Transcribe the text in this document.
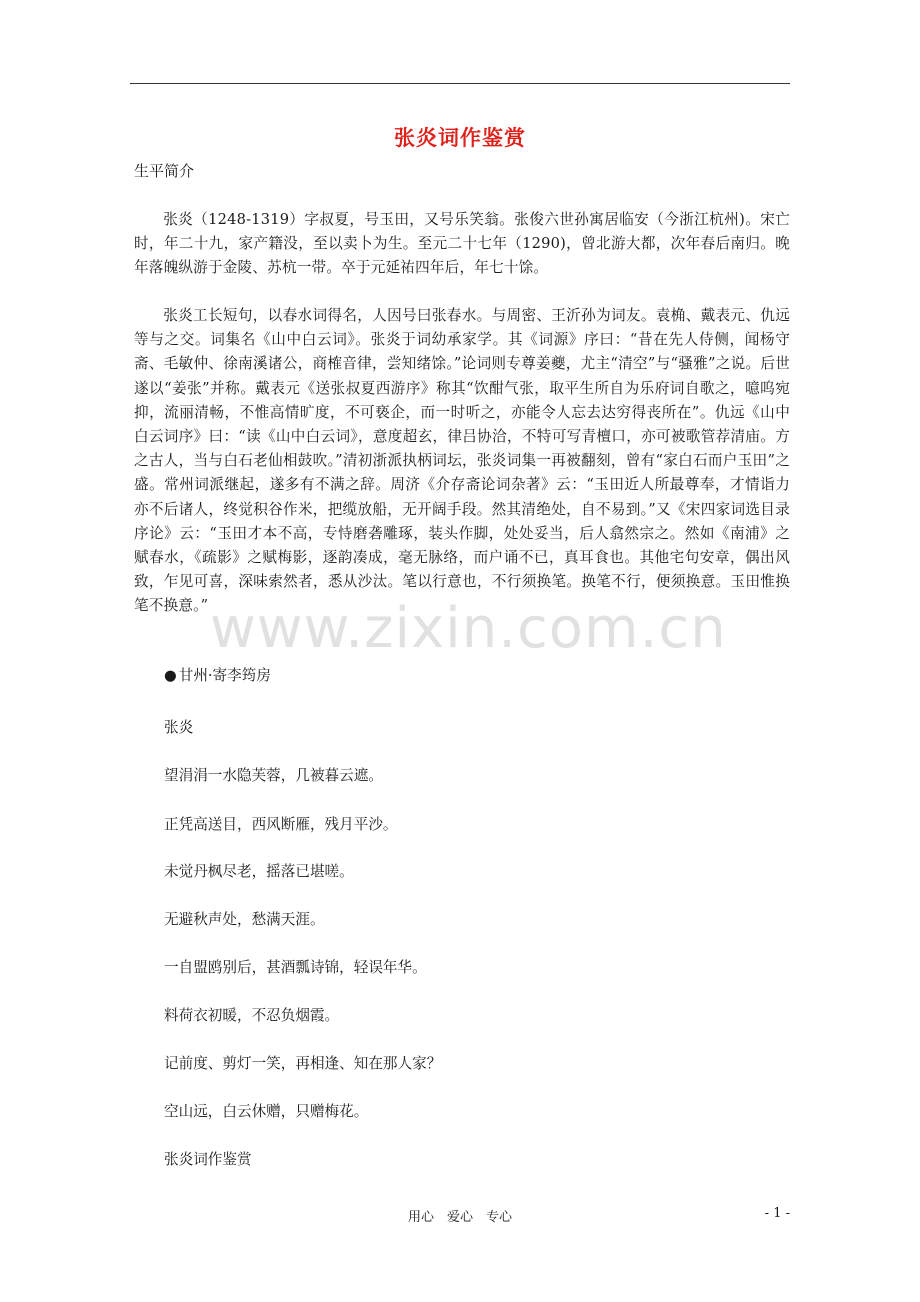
张炎词作鉴赏

生平简介

张炎（1248-1319）字叔夏，号玉田，又号乐笑翁。张俊六世孙寓居临安（今浙江杭州)。宋亡时，年二十九，家产籍没，至以卖卜为生。至元二十七年（1290)，曾北游大都，次年春后南归。晚年落魄纵游于金陵、苏杭一带。卒于元延祐四年后，年七十馀。

张炎工长短句，以春水词得名，人因号曰张春水。与周密、王沂孙为词友。袁桷、戴表元、仇远等与之交。词集名《山中白云词》。张炎于词幼承家学。其《词源》序曰：“昔在先人侍侧，闻杨守斋、毛敏仲、徐南溪诸公，商榷音律，尝知绪馀。”论词则专尊姜夔，尤主“清空”与“骚雅”之说。后世遂以“姜张”并称。戴表元《送张叔夏西游序》称其“饮酣气张，取平生所自为乐府词自歌之，噫呜宛抑，流丽清畅，不惟高情旷度，不可亵企，而一时听之，亦能令人忘去达穷得丧所在”。仇远《山中白云词序》曰：“读《山中白云词》，意度超玄，律吕协洽，不特可写青檀口，亦可被歌管荐清庙。方之古人，当与白石老仙相鼓吹。”清初浙派执柄词坛，张炎词集一再被翻刻，曾有“家白石而户玉田”之盛。常州词派继起，遂多有不满之辞。周济《介存斋论词杂著》云：“玉田近人所最尊奉，才情诣力亦不后诸人，终觉积谷作米，把缆放船，无开阔手段。然其清绝处，自不易到。”又《宋四家词选目录序论》云：“玉田才本不高，专恃磨砻雕琢，装头作脚，处处妥当，后人翕然宗之。然如《南浦》之赋春水，《疏影》之赋梅影，逐韵凑成，毫无脉络，而户诵不已，真耳食也。其他宅句安章，偶出风致，乍见可喜，深味索然者，悉从沙汰。笔以行意也，不行须换笔。换笔不行，便须换意。玉田惟换笔不换意。”

● 甘州·寄李筠房

张炎

望涓涓一水隐芙蓉，几被暮云遮。

正凭高送目，西风断雁，残月平沙。

未觉丹枫尽老，摇落已堪嗟。

无避秋声处，愁满天涯。

一自盟鸥别后，甚酒瓢诗锦，轻误年华。

料荷衣初暖，不忍负烟霞。

记前度、剪灯一笑，再相逢、知在那人家？

空山远，白云休赠，只赠梅花。

张炎词作鉴赏

www.zixin.com.cn
用心　爱心　专心	- 1 -
